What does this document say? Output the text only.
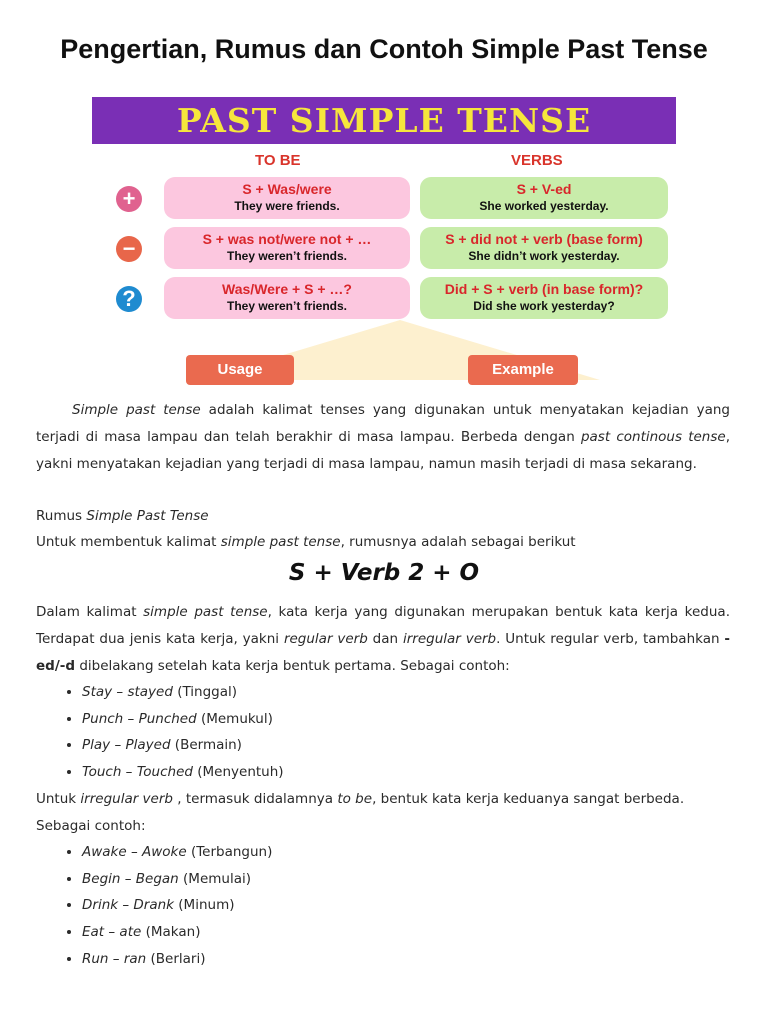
Pengertian, Rumus dan Contoh Simple Past Tense
PAST SIMPLE TENSE
TO BE	VERBS
+
−
?
S + Was/were
They were friends.
S + V-ed
She worked yesterday.
S + was not/were not + …
They weren’t friends.
S + did not + verb (base form)
She didn’t work yesterday.
Was/Were + S + …?
They weren’t friends.
Did + S + verb (in base form)?
Did she work yesterday?
Usage	Example

Simple past tense adalah kalimat tenses yang digunakan untuk menyatakan kejadian yang terjadi di masa lampau dan telah berakhir di masa lampau. Berbeda dengan past continous tense, yakni menyatakan kejadian yang terjadi di masa lampau, namun masih terjadi di masa sekarang.

Rumus Simple Past Tense
Untuk membentuk kalimat simple past tense, rumusnya adalah sebagai berikut
S + Verb 2 + O

Dalam kalimat simple past tense, kata kerja yang digunakan merupakan bentuk kata kerja kedua. Terdapat dua jenis kata kerja, yakni regular verb dan irregular verb. Untuk regular verb, tambahkan -ed/-d dibelakang setelah kata kerja bentuk pertama. Sebagai contoh:

• Stay – stayed (Tinggal)
• Punch – Punched (Memukul)
• Play – Played (Bermain)
• Touch – Touched (Menyentuh)

Untuk irregular verb , termasuk didalamnya to be, bentuk kata kerja keduanya sangat berbeda. Sebagai contoh:

• Awake – Awoke (Terbangun)
• Begin – Began (Memulai)
• Drink – Drank (Minum)
• Eat – ate (Makan)
• Run – ran (Berlari)
